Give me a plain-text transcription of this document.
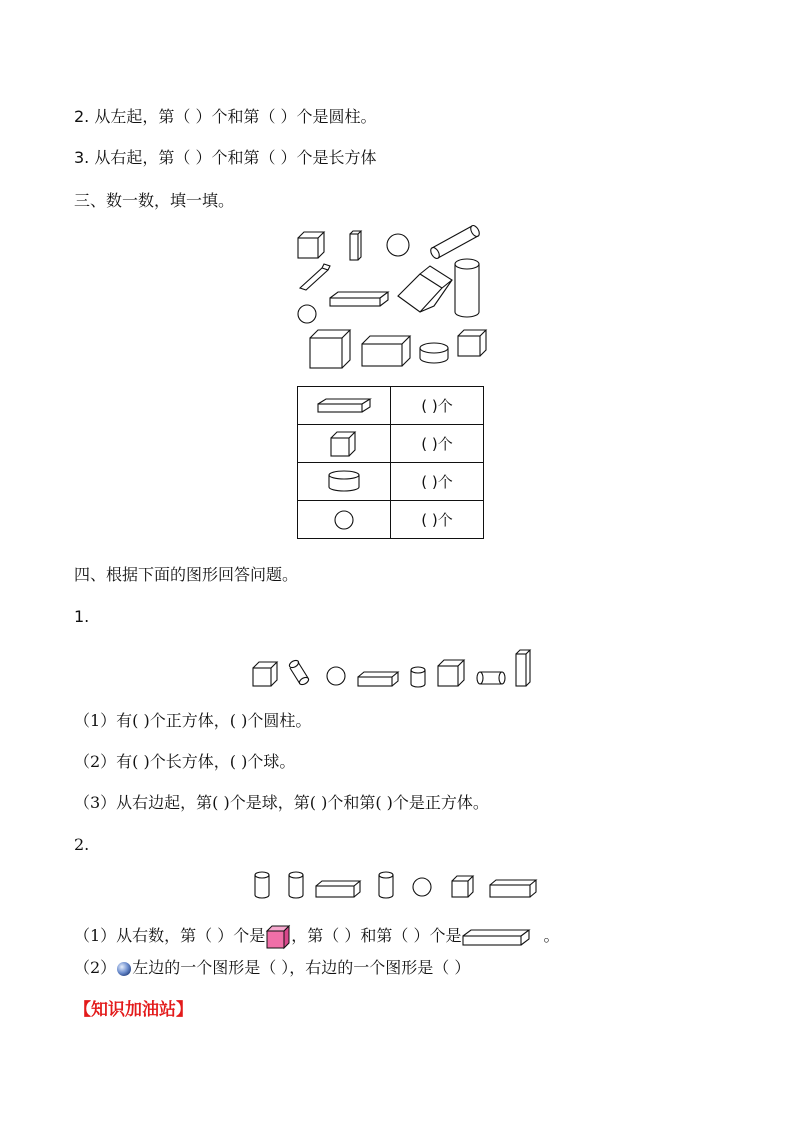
2. 从左起，第（ ）个和第（ ）个是圆柱。
3. 从右起，第（ ）个和第（ ）个是长方体
三、数一数，填一填。
	( )个
	( )个
	( )个
	( )个
四、根据下面的图形回答问题。
1.
（1）有( )个正方体，( )个圆柱。
（2）有( )个长方体，( )个球。
（3）从右边起，第( )个是球，第( )个和第( )个是正方体。
2.
（1）从右数，第（ ）个是 ，第（ ）和第（ ）个是	。
（2） 左边的一个图形是（ ），右边的一个图形是（ ）
【知识加油站】
